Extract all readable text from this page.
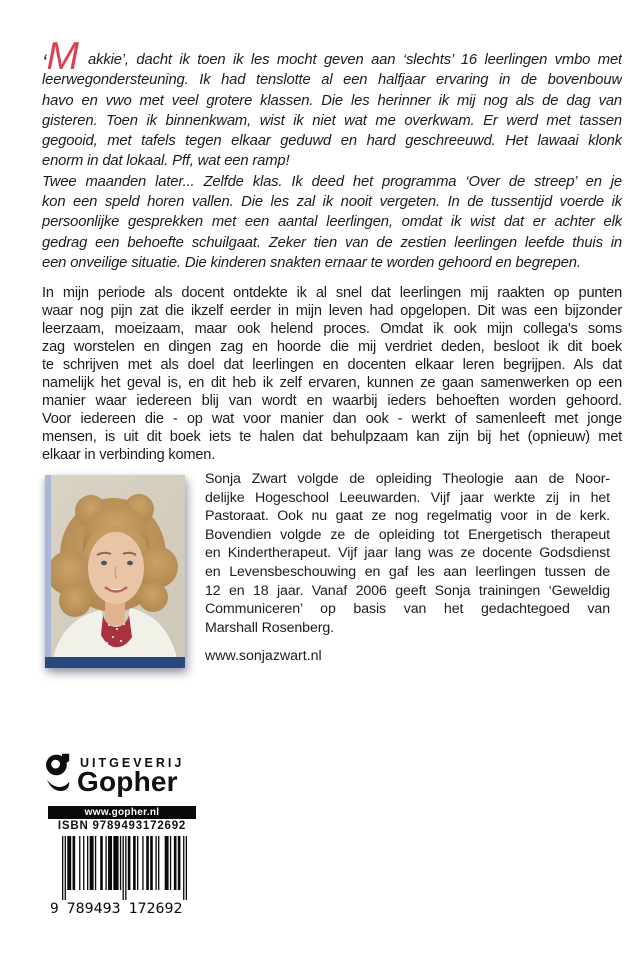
‘M akkie’, dacht ik toen ik les mocht geven aan ‘slechts’ 16 leerlingen vmbo met
leerwegondersteuning. Ik had tenslotte al een halfjaar ervaring in de bovenbouw
havo en vwo met veel grotere klassen. Die les herinner ik mij nog als de dag van
gisteren. Toen ik binnenkwam, wist ik niet wat me overkwam. Er werd met tassen
gegooid, met tafels tegen elkaar geduwd en hard geschreeuwd. Het lawaai klonk
enorm in dat lokaal. Pff, wat een ramp!
Twee maanden later... Zelfde klas. Ik deed het programma ‘Over de streep’ en je
kon een speld horen vallen. Die les zal ik nooit vergeten. In de tussentijd voerde ik
persoonlijke gesprekken met een aantal leerlingen, omdat ik wist dat er achter elk
gedrag een behoefte schuilgaat. Zeker tien van de zestien leerlingen leefde thuis in
een onveilige situatie. Die kinderen snakten ernaar te worden gehoord en begrepen.
In mijn periode als docent ontdekte ik al snel dat leerlingen mij raakten op punten
waar nog pijn zat die ikzelf eerder in mijn leven had opgelopen. Dit was een bijzonder
leerzaam, moeizaam, maar ook helend proces. Omdat ik ook mijn collega's soms
zag worstelen en dingen zag en hoorde die mij verdriet deden, besloot ik dit boek
te schrijven met als doel dat leerlingen en docenten elkaar leren begrijpen. Als dat
namelijk het geval is, en dit heb ik zelf ervaren, kunnen ze gaan samenwerken op een
manier waar iedereen blij van wordt en waarbij ieders behoeften worden gehoord.
Voor iedereen die - op wat voor manier dan ook - werkt of samenleeft met jonge
mensen, is uit dit boek iets te halen dat behulpzaam kan zijn bij het (opnieuw) met
elkaar in verbinding komen.
Sonja Zwart volgde de opleiding Theologie aan de Noor-
delijke Hogeschool Leeuwarden. Vijf jaar werkte zij in het
Pastoraat. Ook nu gaat ze nog regelmatig voor in de kerk.
Bovendien volgde ze de opleiding tot Energetisch therapeut
en Kindertherapeut. Vijf jaar lang was ze docente Godsdienst
en Levensbeschouwing en gaf les aan leerlingen tussen de
12 en 18 jaar. Vanaf 2006 geeft Sonja trainingen ‘Geweldig
Communiceren’ op basis van het gedachtegoed van
Marshall Rosenberg.
www.sonjazwart.nl
UITGEVERIJ
Gopher
www.gopher.nl
ISBN 9789493172692
9 789493 172692
